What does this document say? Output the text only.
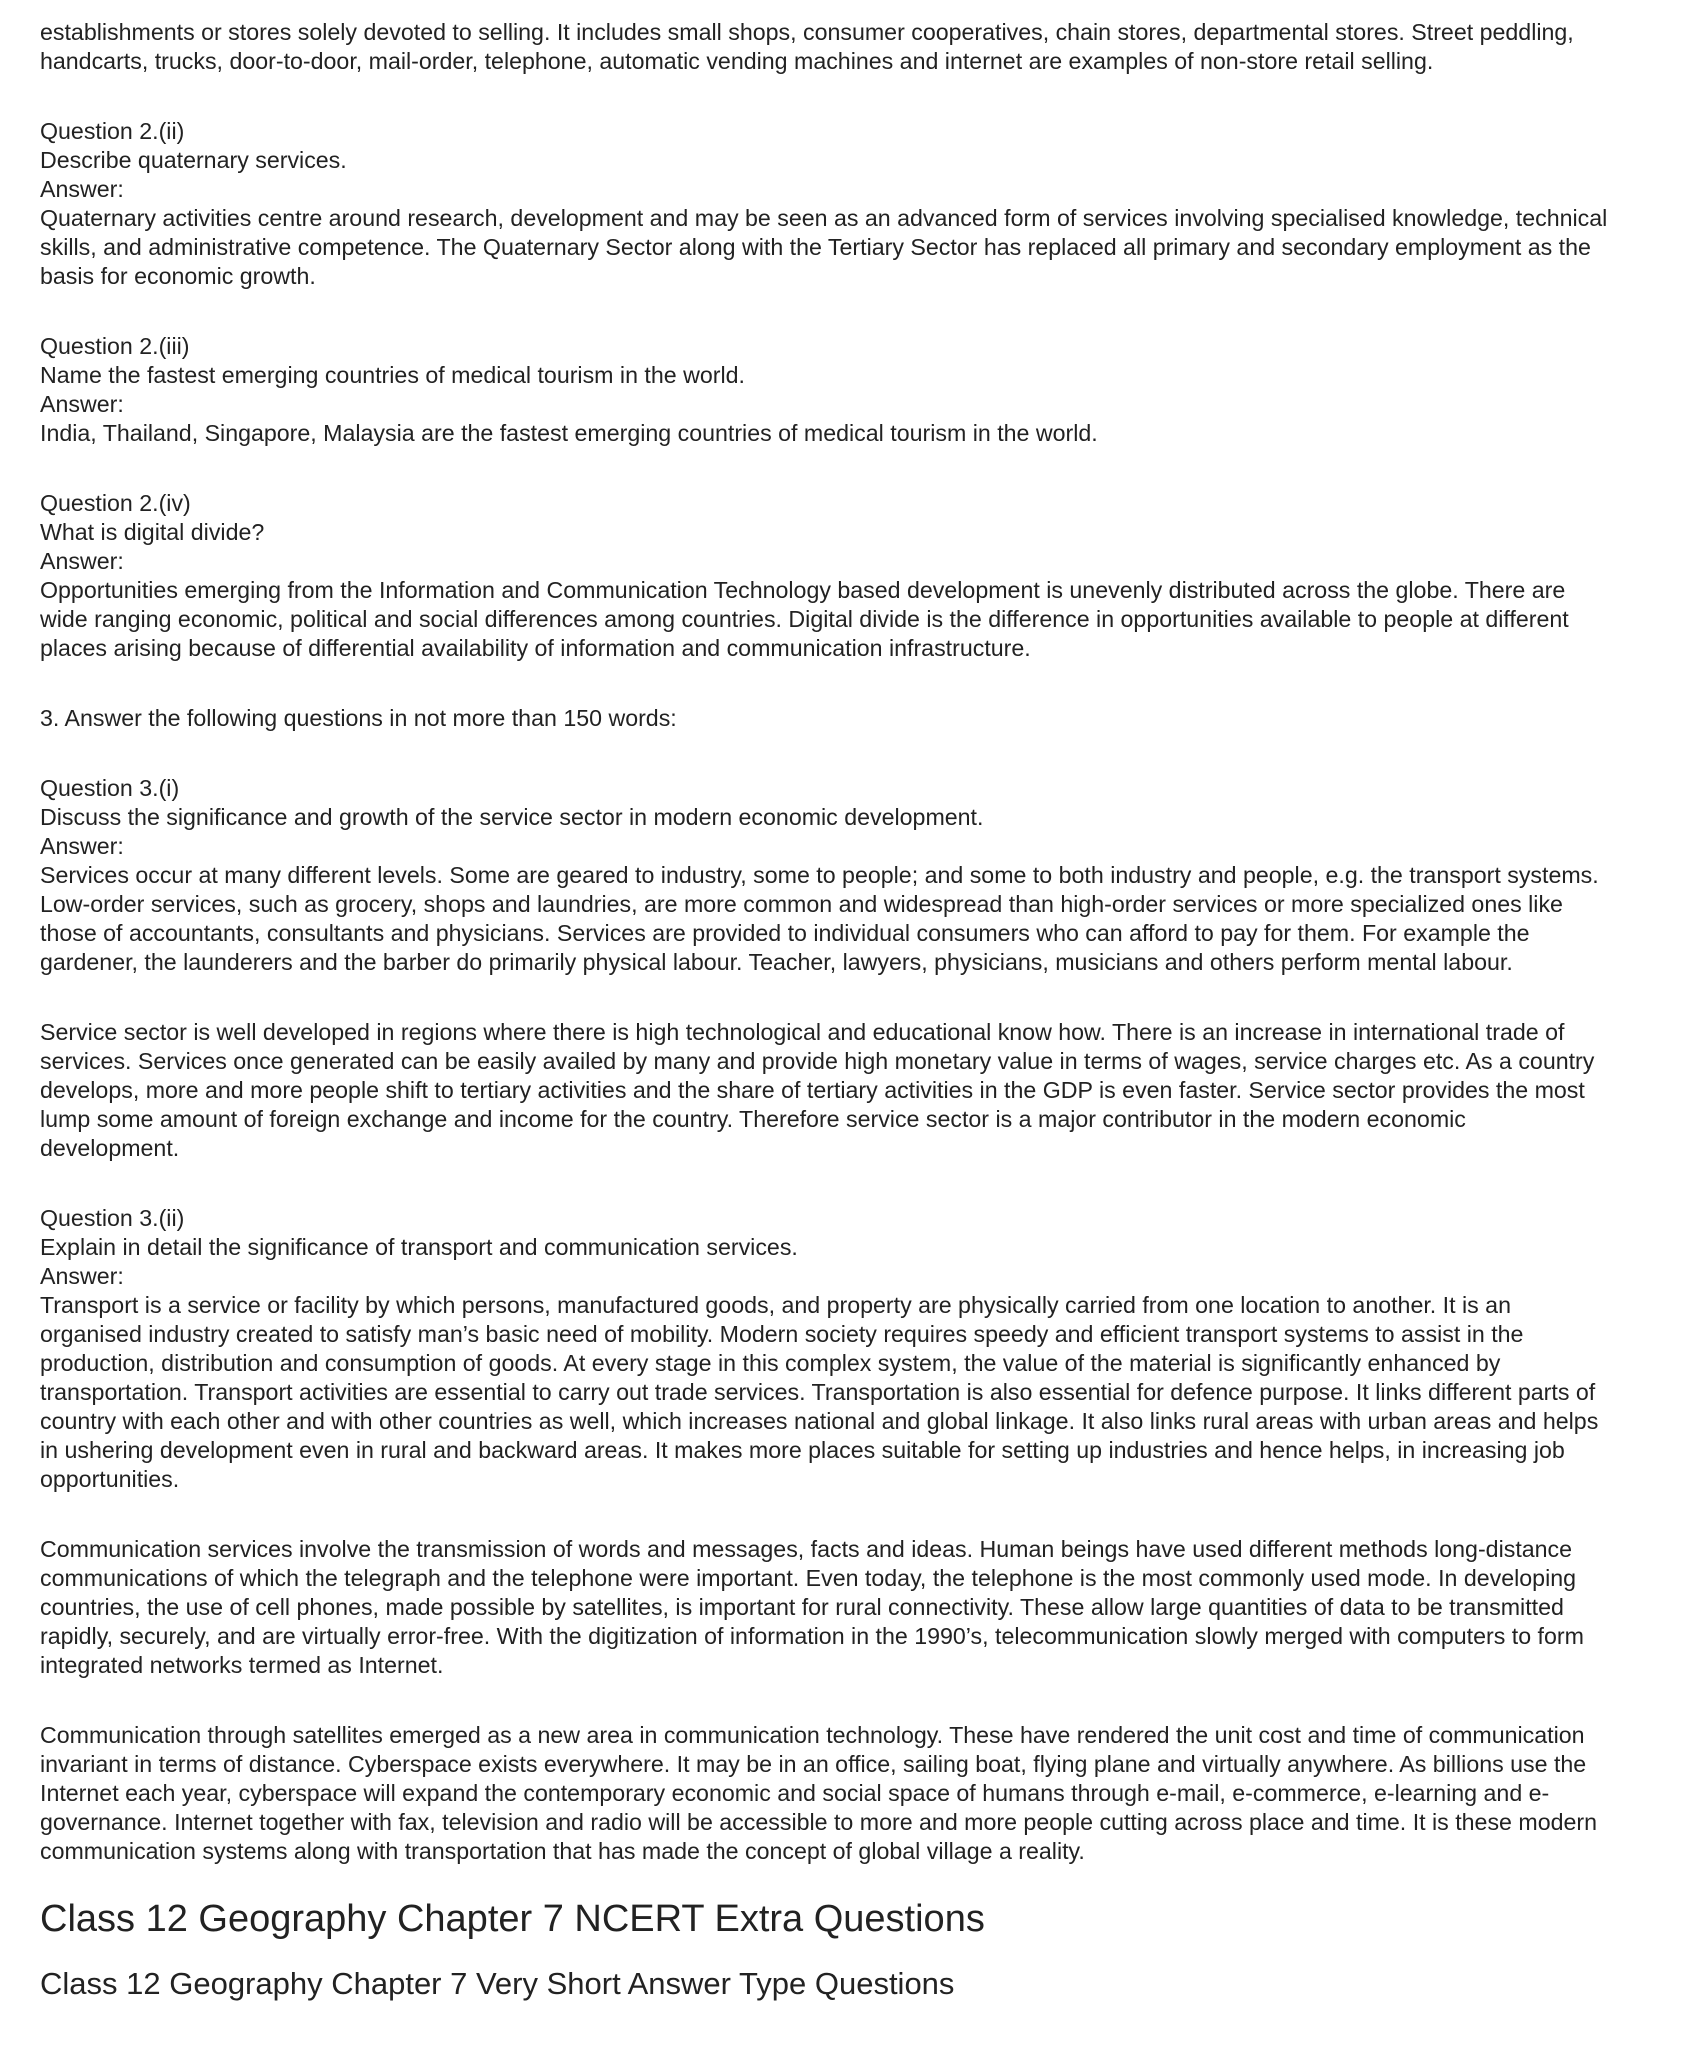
establishments or stores solely devoted to selling. It includes small shops, consumer cooperatives, chain stores, departmental stores. Street peddling, handcarts, trucks, door-to-door, mail-order, telephone, automatic vending machines and internet are examples of non-store retail selling.

Question 2.(ii)
Describe quaternary services.
Answer:
Quaternary activities centre around research, development and may be seen as an advanced form of services involving specialised knowledge, technical skills, and administrative competence. The Quaternary Sector along with the Tertiary Sector has replaced all primary and secondary employment as the basis for economic growth.
Question 2.(iii)
Name the fastest emerging countries of medical tourism in the world.
Answer:
India, Thailand, Singapore, Malaysia are the fastest emerging countries of medical tourism in the world.
Question 2.(iv)
What is digital divide?
Answer:
Opportunities emerging from the Information and Communication Technology based development is unevenly distributed across the globe. There are wide ranging economic, political and social differences among countries. Digital divide is the difference in opportunities available to people at different places arising because of differential availability of information and communication infrastructure.

3. Answer the following questions in not more than 150 words:

Question 3.(i)
Discuss the significance and growth of the service sector in modern economic development.
Answer:
Services occur at many different levels. Some are geared to industry, some to people; and some to both industry and people, e.g. the transport systems. Low-order services, such as grocery, shops and laundries, are more common and widespread than high-order services or more specialized ones like those of accountants, consultants and physicians. Services are provided to individual consumers who can afford to pay for them. For example the gardener, the launderers and the barber do primarily physical labour. Teacher, lawyers, physicians, musicians and others perform mental labour.

Service sector is well developed in regions where there is high technological and educational know how. There is an increase in international trade of services. Services once generated can be easily availed by many and provide high monetary value in terms of wages, service charges etc. As a country develops, more and more people shift to tertiary activities and the share of tertiary activities in the GDP is even faster. Service sector provides the most lump some amount of foreign exchange and income for the country. Therefore service sector is a major contributor in the modern economic development.

Question 3.(ii)
Explain in detail the significance of transport and communication services.
Answer:
Transport is a service or facility by which persons, manufactured goods, and property are physically carried from one location to another. It is an organised industry created to satisfy man’s basic need of mobility. Modern society requires speedy and efficient transport systems to assist in the production, distribution and consumption of goods. At every stage in this complex system, the value of the material is significantly enhanced by transportation. Transport activities are essential to carry out trade services. Transportation is also essential for defence purpose. It links different parts of country with each other and with other countries as well, which increases national and global linkage. It also links rural areas with urban areas and helps in ushering development even in rural and backward areas. It makes more places suitable for setting up industries and hence helps, in increasing job opportunities.

Communication services involve the transmission of words and messages, facts and ideas. Human beings have used different methods long-distance communications of which the telegraph and the telephone were important. Even today, the telephone is the most commonly used mode. In developing countries, the use of cell phones, made possible by satellites, is important for rural connectivity. These allow large quantities of data to be transmitted rapidly, securely, and are virtually error-free. With the digitization of information in the 1990’s, telecommunication slowly merged with computers to form integrated networks termed as Internet.

Communication through satellites emerged as a new area in communication technology. These have rendered the unit cost and time of communication invariant in terms of distance. Cyberspace exists everywhere. It may be in an office, sailing boat, flying plane and virtually anywhere. As billions use the Internet each year, cyberspace will expand the contemporary economic and social space of humans through e-mail, e-commerce, e-learning and e-governance. Internet together with fax, television and radio will be accessible to more and more people cutting across place and time. It is these modern communication systems along with transportation that has made the concept of global village a reality.

Class 12 Geography Chapter 7 NCERT Extra Questions
Class 12 Geography Chapter 7 Very Short Answer Type Questions
